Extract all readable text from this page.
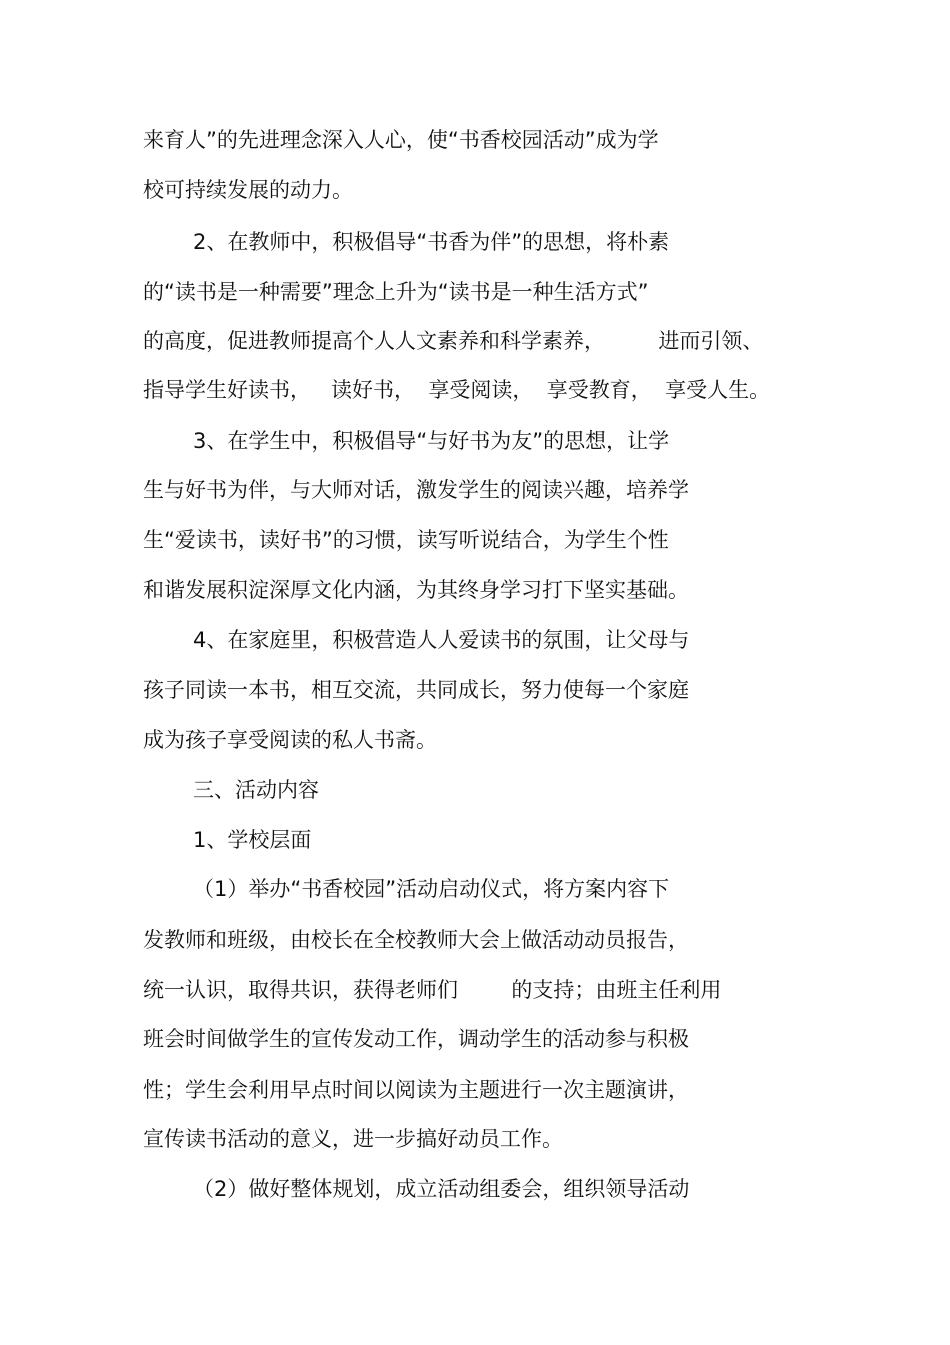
来育人”的先进理念深入人心，使“书香校园活动”成为学

校可持续发展的动力。

2、在教师中，积极倡导“书香为伴”的思想，将朴素

的“读书是一种需要”理念上升为“读书是一种生活方式”

的高度，促进教师提高个人人文素养和科学素养，        进而引领、

指导学生好读书，   读好书，  享受阅读，  享受教育，  享受人生。

3、在学生中，积极倡导“与好书为友”的思想，让学

生与好书为伴，与大师对话，激发学生的阅读兴趣，培养学

生“爱读书，读好书”的习惯，读写听说结合，为学生个性

和谐发展积淀深厚文化内涵，为其终身学习打下坚实基础。

4、在家庭里，积极营造人人爱读书的氛围，让父母与

孩子同读一本书，相互交流，共同成长，努力使每一个家庭

成为孩子享受阅读的私人书斋。

三、活动内容

1、学校层面

（1）举办“书香校园”活动启动仪式，将方案内容下

发教师和班级，由校长在全校教师大会上做活动动员报告，

统一认识，取得共识，获得老师们        的支持；由班主任利用

班会时间做学生的宣传发动工作，调动学生的活动参与积极

性；学生会利用早点时间以阅读为主题进行一次主题演讲，

宣传读书活动的意义，进一步搞好动员工作。

（2）做好整体规划，成立活动组委会，组织领导活动
